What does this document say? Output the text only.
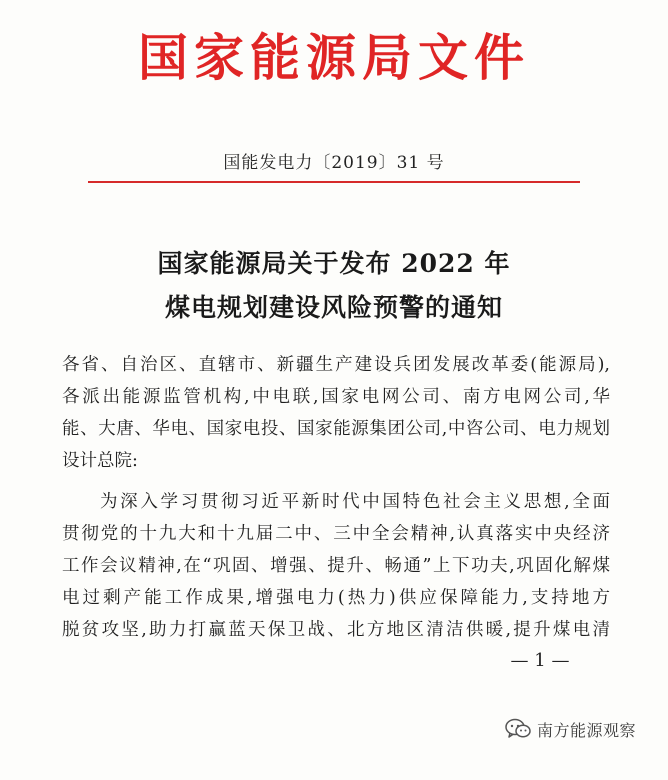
国家能源局文件
国能发电力〔2019〕31 号
国家能源局关于发布 2022 年
煤电规划建设风险预警的通知
各省、自治区、直辖市、新疆生产建设兵团发展改革委(能源局),
各派出能源监管机构,中电联,国家电网公司、南方电网公司,华
能、大唐、华电、国家电投、国家能源集团公司,中咨公司、电力规划
设计总院:
为深入学习贯彻习近平新时代中国特色社会主义思想,全面
贯彻党的十九大和十九届二中、三中全会精神,认真落实中央经济
工作会议精神,在“巩固、增强、提升、畅通”上下功夫,巩固化解煤
电过剩产能工作成果,增强电力(热力)供应保障能力,支持地方
脱贫攻坚,助力打赢蓝天保卫战、北方地区清洁供暖,提升煤电清
— 1 —
南方能源观察
